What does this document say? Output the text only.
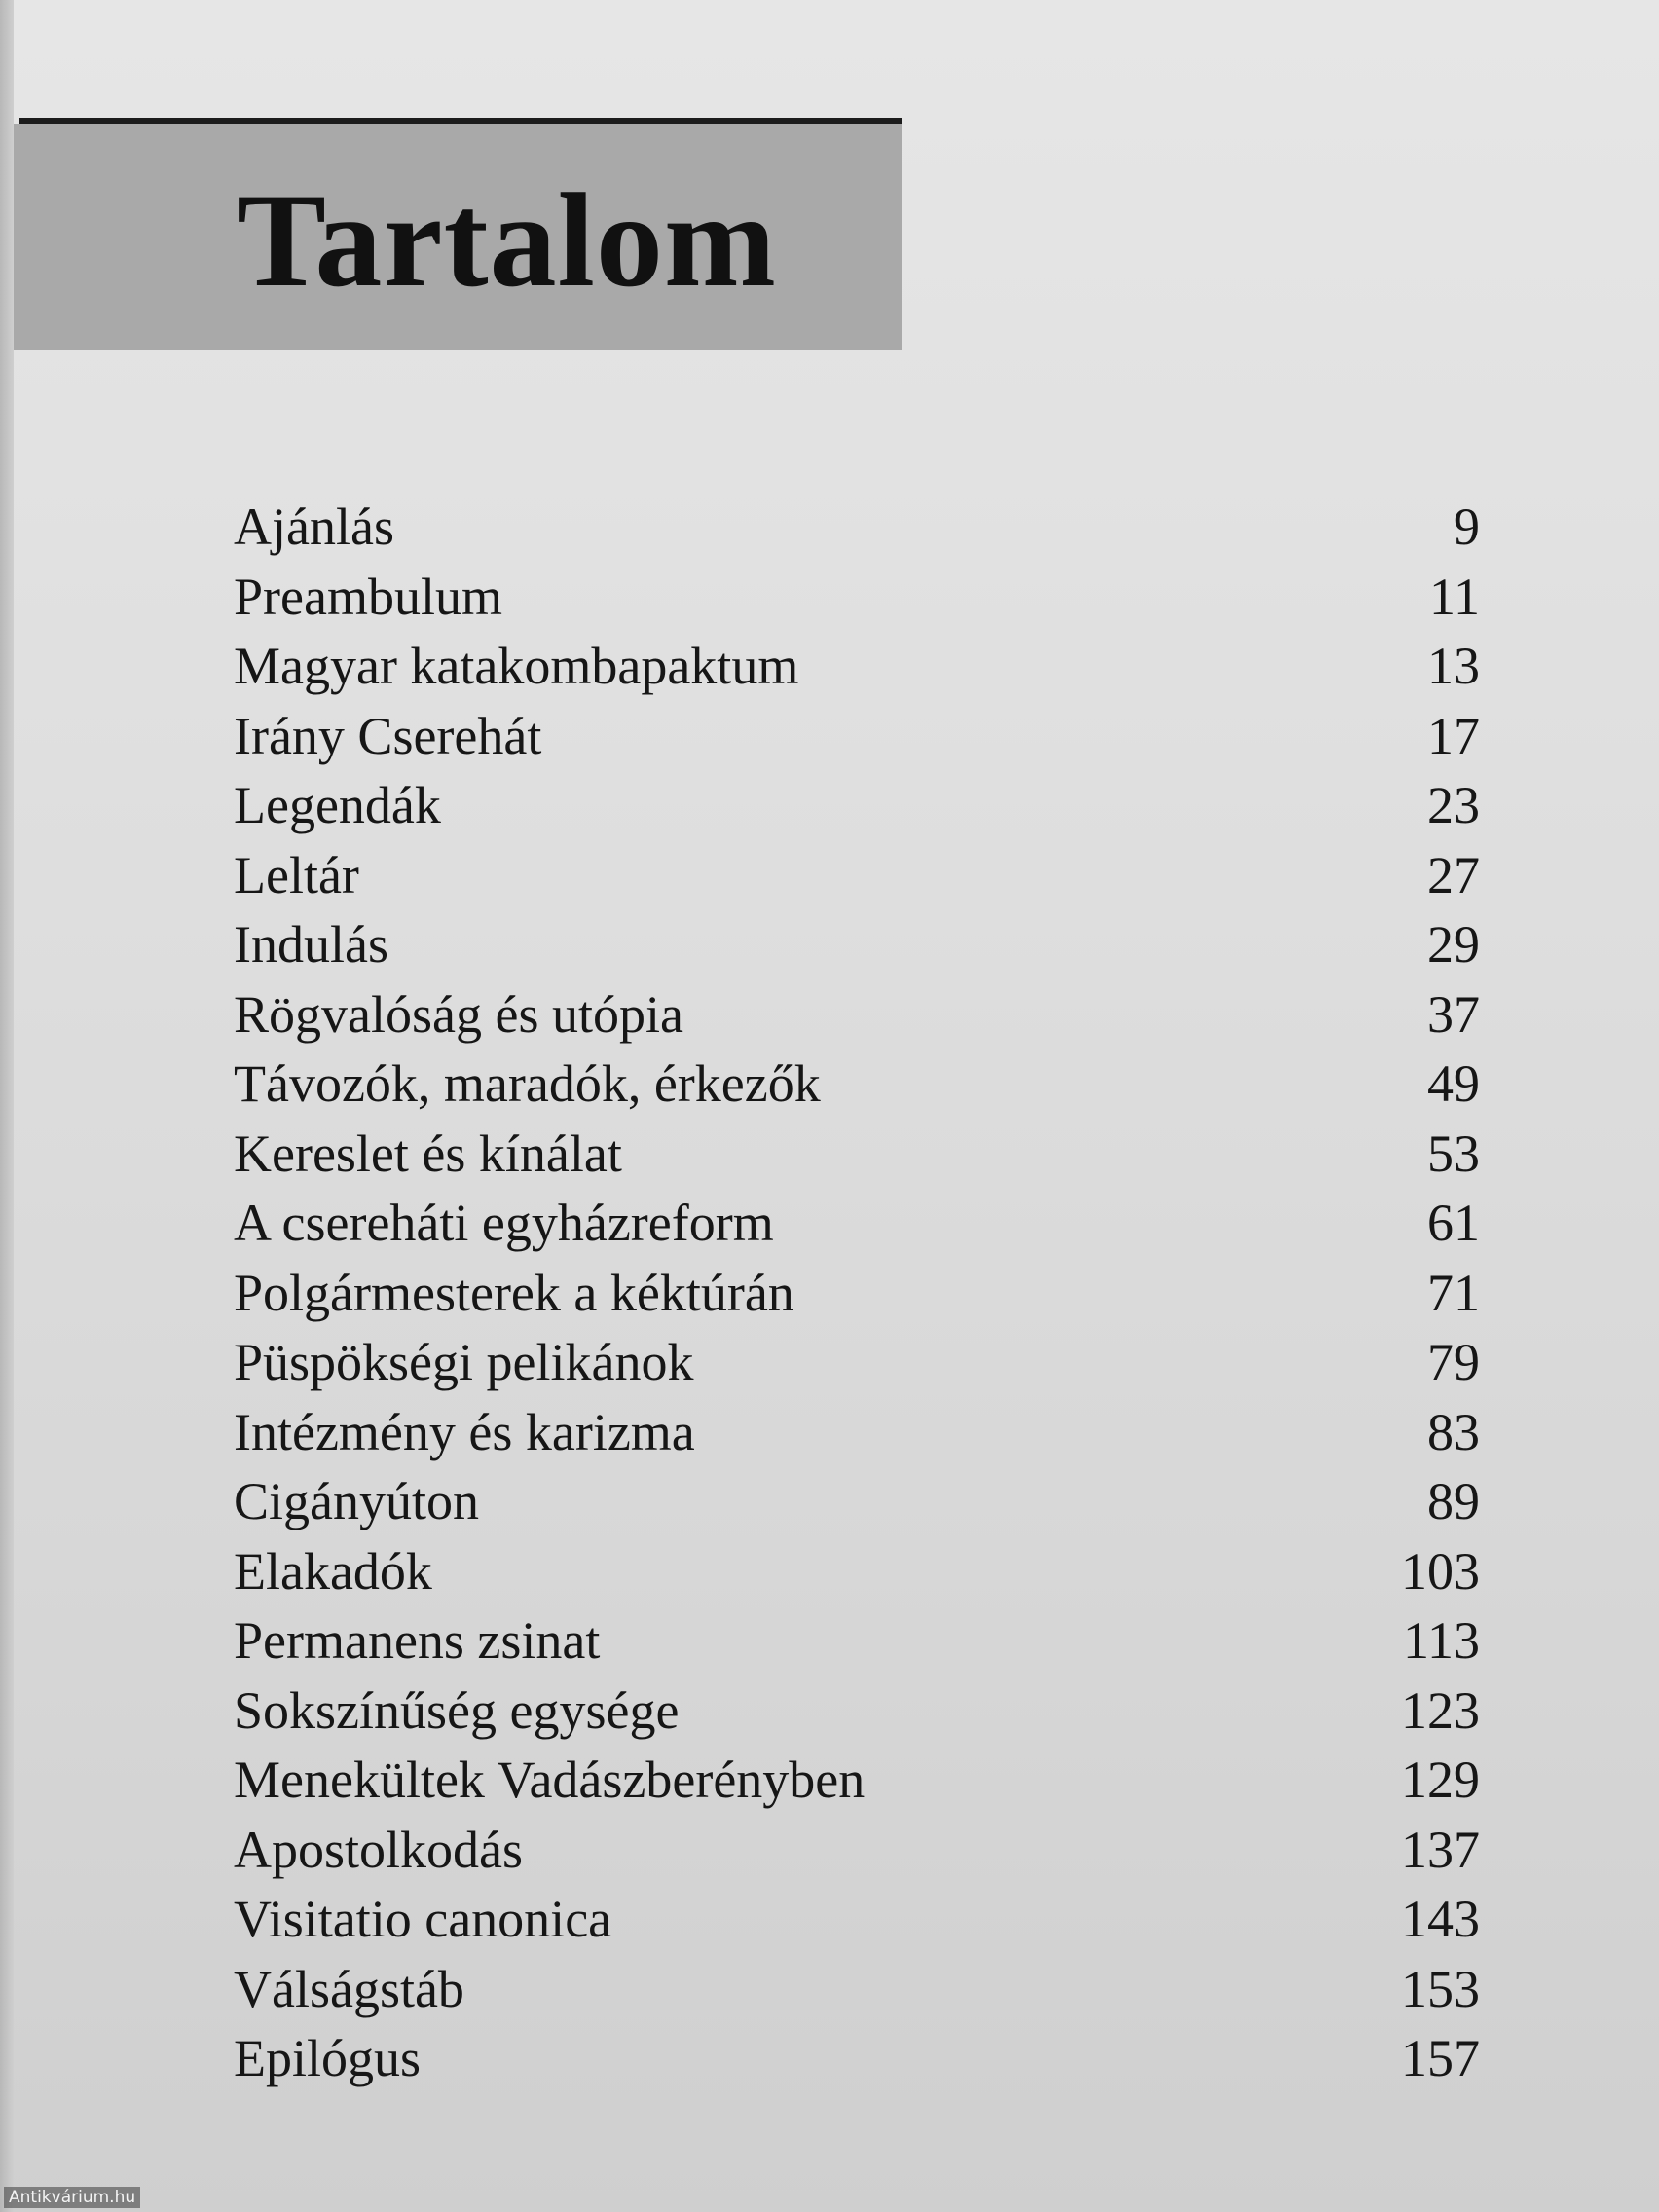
Tartalom
Ajánlás	9
Preambulum	11
Magyar katakombapaktum	13
Irány Cserehát	17
Legendák	23
Leltár	27
Indulás	29
Rögvalóság és utópia	37
Távozók, maradók, érkezők	49
Kereslet és kínálat	53
A csereháti egyházreform	61
Polgármesterek a kéktúrán	71
Püspökségi pelikánok	79
Intézmény és karizma	83
Cigányúton	89
Elakadók	103
Permanens zsinat	113
Sokszínűség egysége	123
Menekültek Vadászberényben	129
Apostolkodás	137
Visitatio canonica	143
Válságstáb	153
Epilógus	157
Antikvárium.hu
